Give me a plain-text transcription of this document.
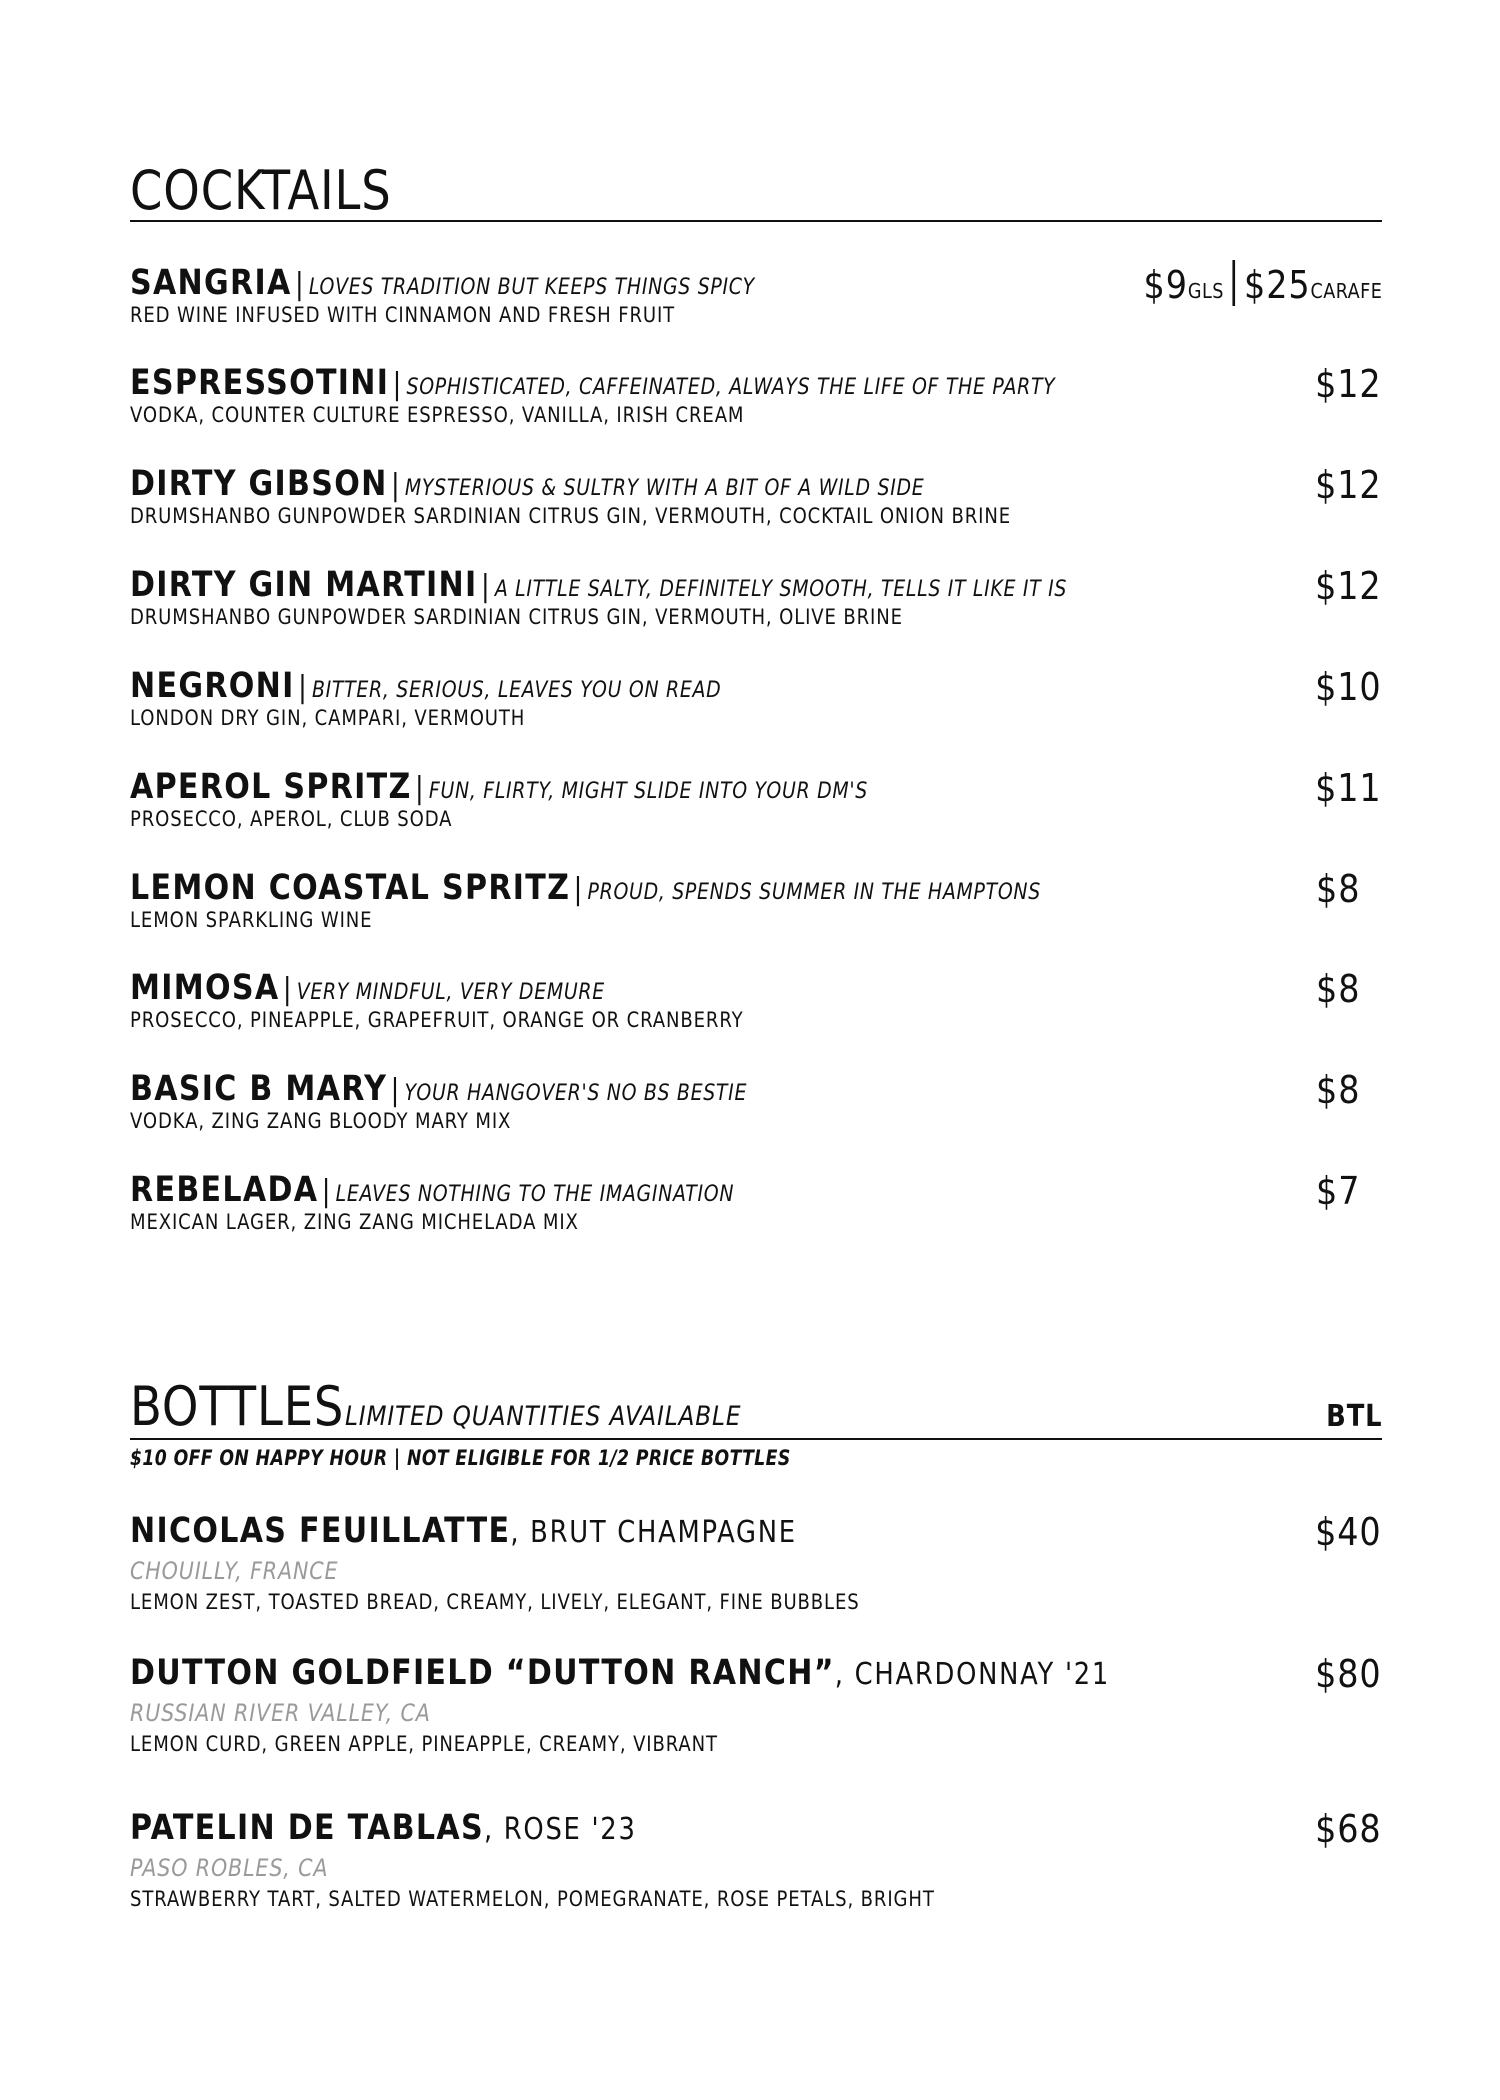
COCKTAILS
SANGRIA | LOVES TRADITION BUT KEEPS THINGS SPICY
RED WINE INFUSED WITH CINNAMON AND FRESH FRUIT
$9GLS $25CARAFE
ESPRESSOTINI | SOPHISTICATED, CAFFEINATED, ALWAYS THE LIFE OF THE PARTY
VODKA, COUNTER CULTURE ESPRESSO, VANILLA, IRISH CREAM
$12
DIRTY GIBSON | MYSTERIOUS & SULTRY WITH A BIT OF A WILD SIDE
DRUMSHANBO GUNPOWDER SARDINIAN CITRUS GIN, VERMOUTH, COCKTAIL ONION BRINE
$12
DIRTY GIN MARTINI | A LITTLE SALTY, DEFINITELY SMOOTH, TELLS IT LIKE IT IS
DRUMSHANBO GUNPOWDER SARDINIAN CITRUS GIN, VERMOUTH, OLIVE BRINE
$12
NEGRONI | BITTER, SERIOUS, LEAVES YOU ON READ
LONDON DRY GIN, CAMPARI, VERMOUTH
$10
APEROL SPRITZ | FUN, FLIRTY, MIGHT SLIDE INTO YOUR DM'S
PROSECCO, APEROL, CLUB SODA
$11
LEMON COASTAL SPRITZ | PROUD, SPENDS SUMMER IN THE HAMPTONS
LEMON SPARKLING WINE
$8
MIMOSA | VERY MINDFUL, VERY DEMURE
PROSECCO, PINEAPPLE, GRAPEFRUIT, ORANGE OR CRANBERRY
$8
BASIC B MARY | YOUR HANGOVER'S NO BS BESTIE
VODKA, ZING ZANG BLOODY MARY MIX
$8
REBELADA | LEAVES NOTHING TO THE IMAGINATION
MEXICAN LAGER, ZING ZANG MICHELADA MIX
$7
BOTTLES LIMITED QUANTITIES AVAILABLE	BTL
$10 OFF ON HAPPY HOUR | NOT ELIGIBLE FOR 1/2 PRICE BOTTLES
NICOLAS FEUILLATTE, BRUT CHAMPAGNE
CHOUILLY, FRANCE
LEMON ZEST, TOASTED BREAD, CREAMY, LIVELY, ELEGANT, FINE BUBBLES
$40
DUTTON GOLDFIELD “DUTTON RANCH”, CHARDONNAY '21
RUSSIAN RIVER VALLEY, CA
LEMON CURD, GREEN APPLE, PINEAPPLE, CREAMY, VIBRANT
$80
PATELIN DE TABLAS, ROSE '23
PASO ROBLES, CA
STRAWBERRY TART, SALTED WATERMELON, POMEGRANATE, ROSE PETALS, BRIGHT
$68
